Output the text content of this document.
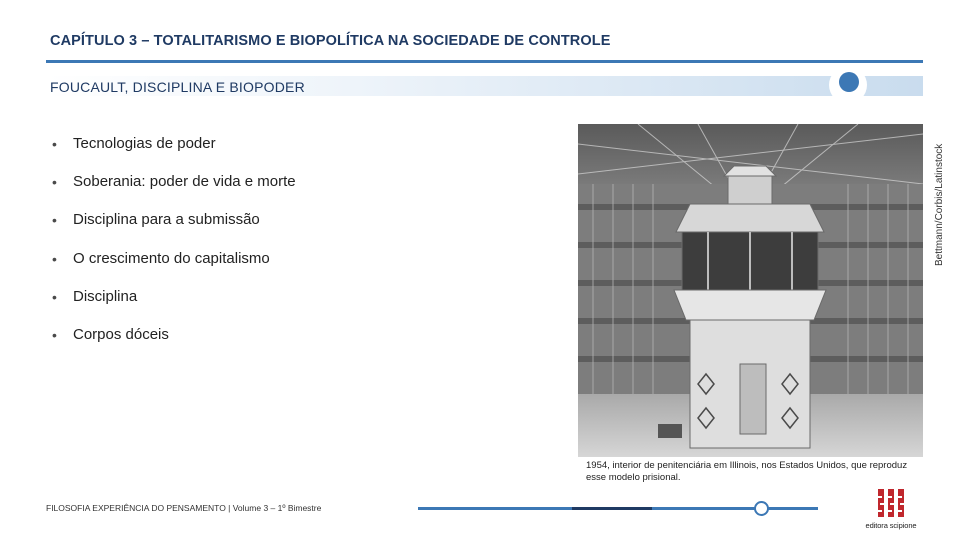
CAPÍTULO 3 – TOTALITARISMO E BIOPOLÍTICA NA SOCIEDADE DE CONTROLE
FOUCAULT, DISCIPLINA E BIOPODER
• Tecnologias de poder
• Soberania: poder de vida e morte
• Disciplina para a submissão
• O crescimento do capitalismo
• Disciplina
• Corpos dóceis
Bettmann/Corbis/Latinstock
1954, interior de penitenciária em Illinois, nos Estados Unidos, que reproduz esse modelo prisional.
FILOSOFIA EXPERIÊNCIA DO PENSAMENTO | Volume 3 – 1º Bimestre
editora scipione
